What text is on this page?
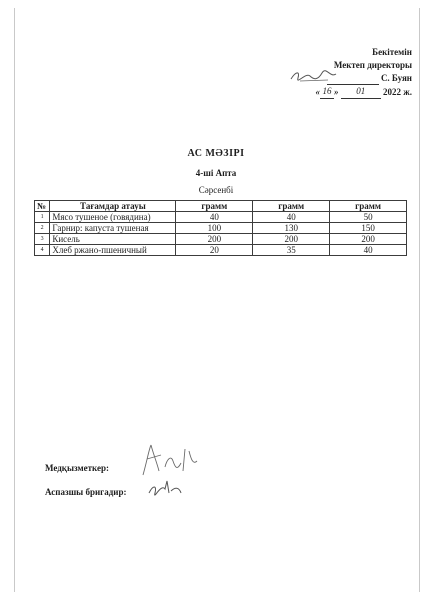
Бекітемін
Мектеп директоры

С. Буян
« 16 » 01 2022 ж.
АС МӘЗІРІ
4-ші Апта
Сәрсенбі
№	Тағамдар атауы	грамм	грамм	грамм
1	Мясо тушеное (говядина)	40	40	50
2	Гарнир: капуста тушеная	100	130	150
3	Кисель	200	200	200
4	Хлеб ржано-пшеничный	20	35	40
Медқызметкер:
Аспазшы бригадир:
